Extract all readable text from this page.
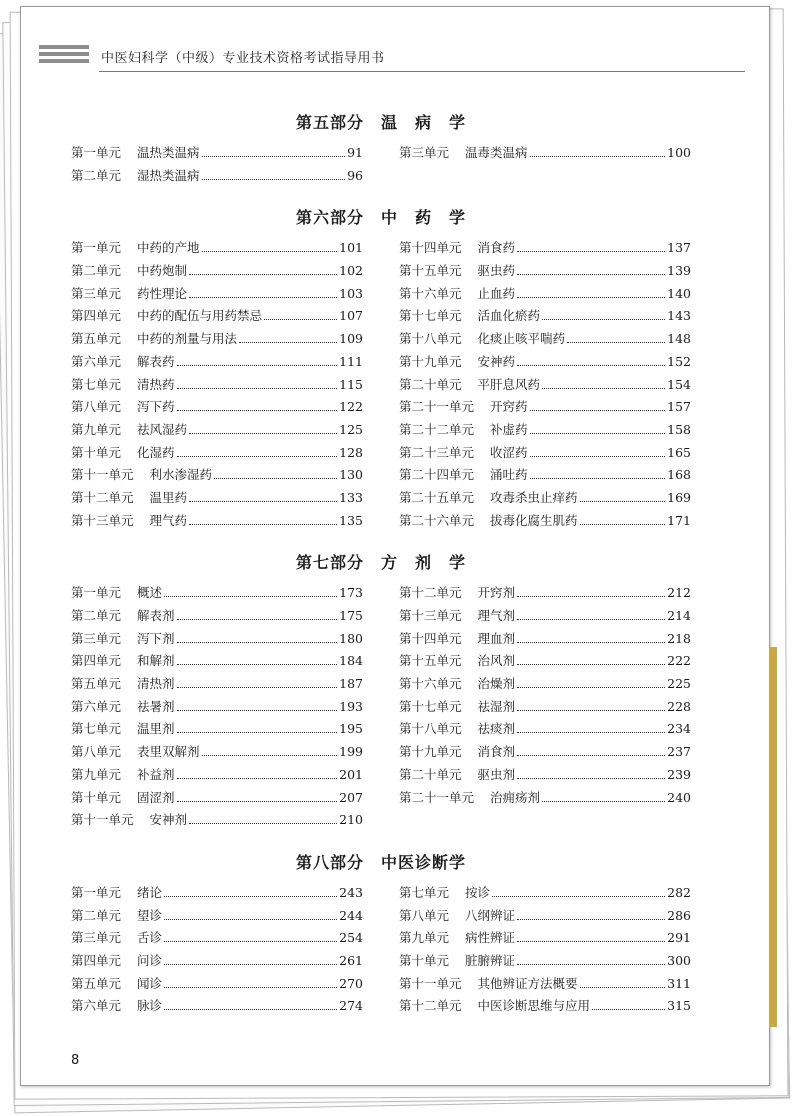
中医妇科学（中级）专业技术资格考试指导用书
第五部分　温　病　学
第一单元 温热类温病	91
第二单元 湿热类温病	96
第三单元 温毒类温病	100
第六部分　中　药　学
第一单元 中药的产地	101
第二单元 中药炮制	102
第三单元 药性理论	103
第四单元 中药的配伍与用药禁忌	107
第五单元 中药的剂量与用法	109
第六单元 解表药	111
第七单元 清热药	115
第八单元 泻下药	122
第九单元 祛风湿药	125
第十单元 化湿药	128
第十一单元 利水渗湿药	130
第十二单元 温里药	133
第十三单元 理气药	135
第十四单元 消食药	137
第十五单元 驱虫药	139
第十六单元 止血药	140
第十七单元 活血化瘀药	143
第十八单元 化痰止咳平喘药	148
第十九单元 安神药	152
第二十单元 平肝息风药	154
第二十一单元 开窍药	157
第二十二单元 补虚药	158
第二十三单元 收涩药	165
第二十四单元 涌吐药	168
第二十五单元 攻毒杀虫止痒药	169
第二十六单元 拔毒化腐生肌药	171
第七部分　方　剂　学
第一单元 概述	173
第二单元 解表剂	175
第三单元 泻下剂	180
第四单元 和解剂	184
第五单元 清热剂	187
第六单元 祛暑剂	193
第七单元 温里剂	195
第八单元 表里双解剂	199
第九单元 补益剂	201
第十单元 固涩剂	207
第十一单元 安神剂	210
第十二单元 开窍剂	212
第十三单元 理气剂	214
第十四单元 理血剂	218
第十五单元 治风剂	222
第十六单元 治燥剂	225
第十七单元 祛湿剂	228
第十八单元 祛痰剂	234
第十九单元 消食剂	237
第二十单元 驱虫剂	239
第二十一单元 治痈疡剂	240
第八部分　中医诊断学
第一单元 绪论	243
第二单元 望诊	244
第三单元 舌诊	254
第四单元 问诊	261
第五单元 闻诊	270
第六单元 脉诊	274
第七单元 按诊	282
第八单元 八纲辨证	286
第九单元 病性辨证	291
第十单元 脏腑辨证	300
第十一单元 其他辨证方法概要	311
第十二单元 中医诊断思维与应用	315
8
